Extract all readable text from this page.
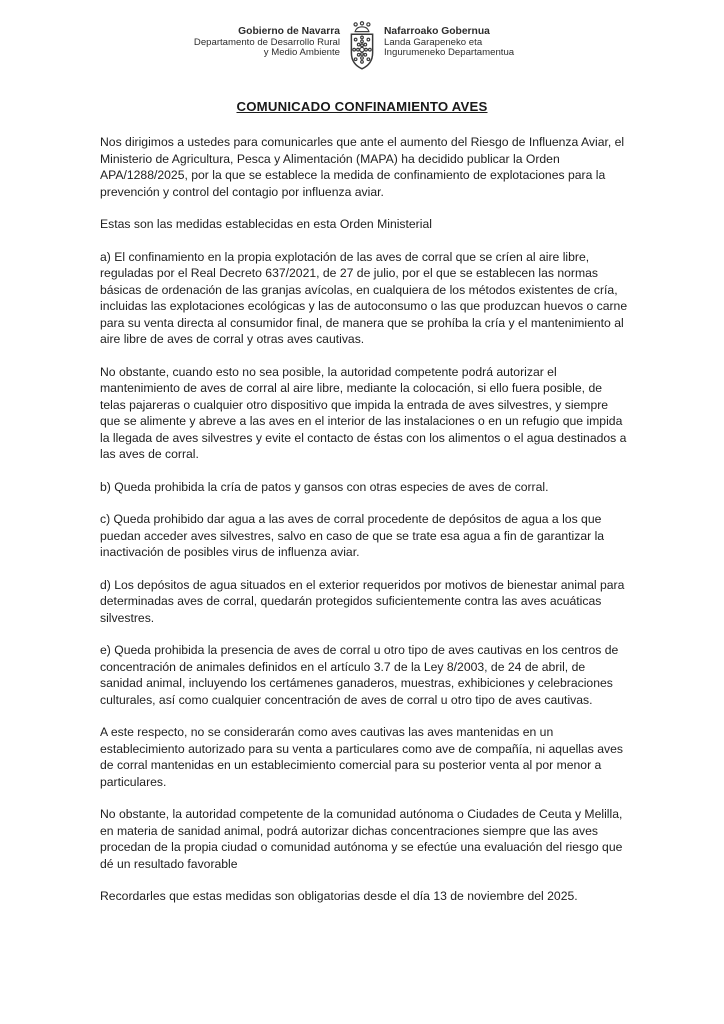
Gobierno de Navarra
Departamento de Desarrollo Rural
y Medio Ambiente
Nafarroako Gobernua
Landa Garapeneko eta
Ingurumeneko Departamentua
COMUNICADO CONFINAMIENTO AVES

Nos dirigimos a ustedes para comunicarles que ante el aumento del Riesgo de Influenza Aviar, el Ministerio de Agricultura, Pesca y Alimentación (MAPA) ha decidido publicar la Orden APA/1288/2025, por la que se establece la medida de confinamiento de explotaciones para la prevención y control del contagio por influenza aviar.

Estas son las medidas establecidas en esta Orden Ministerial

a) El confinamiento en la propia explotación de las aves de corral que se críen al aire libre, reguladas por el Real Decreto 637/2021, de 27 de julio, por el que se establecen las normas básicas de ordenación de las granjas avícolas, en cualquiera de los métodos existentes de cría, incluidas las explotaciones ecológicas y las de autoconsumo o las que produzcan huevos o carne para su venta directa al consumidor final, de manera que se prohíba la cría y el mantenimiento al aire libre de aves de corral y otras aves cautivas.

No obstante, cuando esto no sea posible, la autoridad competente podrá autorizar el mantenimiento de aves de corral al aire libre, mediante la colocación, si ello fuera posible, de telas pajareras o cualquier otro dispositivo que impida la entrada de aves silvestres, y siempre que se alimente y abreve a las aves en el interior de las instalaciones o en un refugio que impida la llegada de aves silvestres y evite el contacto de éstas con los alimentos o el agua destinados a las aves de corral.

b) Queda prohibida la cría de patos y gansos con otras especies de aves de corral.

c) Queda prohibido dar agua a las aves de corral procedente de depósitos de agua a los que puedan acceder aves silvestres, salvo en caso de que se trate esa agua a fin de garantizar la inactivación de posibles virus de influenza aviar.

d) Los depósitos de agua situados en el exterior requeridos por motivos de bienestar animal para determinadas aves de corral, quedarán protegidos suficientemente contra las aves acuáticas silvestres.

e) Queda prohibida la presencia de aves de corral u otro tipo de aves cautivas en los centros de concentración de animales definidos en el artículo 3.7 de la Ley 8/2003, de 24 de abril, de sanidad animal, incluyendo los certámenes ganaderos, muestras, exhibiciones y celebraciones culturales, así como cualquier concentración de aves de corral u otro tipo de aves cautivas.

A este respecto, no se considerarán como aves cautivas las aves mantenidas en un establecimiento autorizado para su venta a particulares como ave de compañía, ni aquellas aves de corral mantenidas en un establecimiento comercial para su posterior venta al por menor a particulares.

No obstante, la autoridad competente de la comunidad autónoma o Ciudades de Ceuta y Melilla, en materia de sanidad animal, podrá autorizar dichas concentraciones siempre que las aves procedan de la propia ciudad o comunidad autónoma y se efectúe una evaluación del riesgo que dé un resultado favorable

Recordarles que estas medidas son obligatorias desde el día 13 de noviembre del 2025.
